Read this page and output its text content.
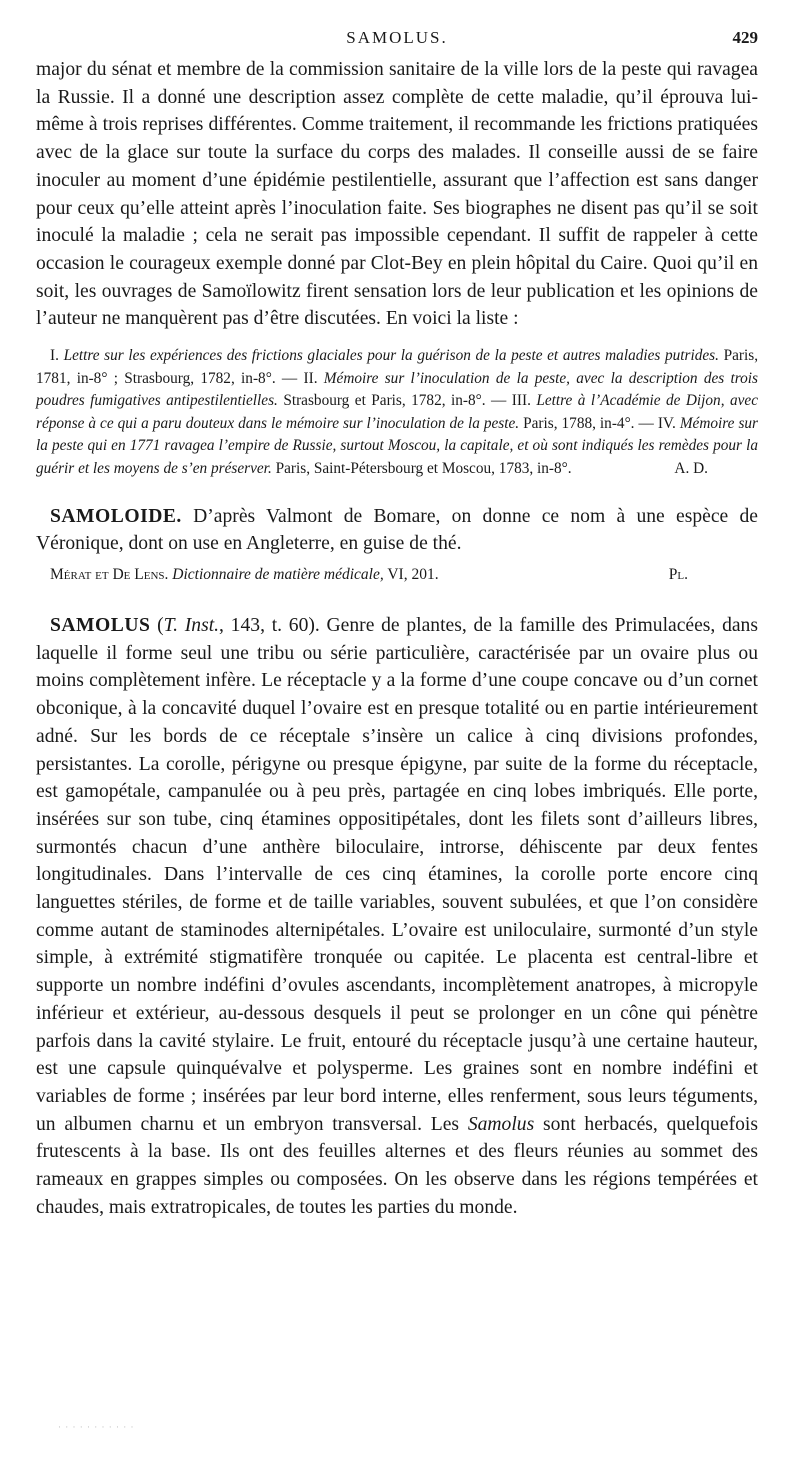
SAMOLUS.	429

major du sénat et membre de la commission sanitaire de la ville lors de la peste qui ravagea la Russie. Il a donné une description assez complète de cette maladie, qu’il éprouva lui-même à trois reprises différentes. Comme traitement, il recommande les frictions pratiquées avec de la glace sur toute la surface du corps des malades. Il conseille aussi de se faire inoculer au moment d’une épidémie pestilentielle, assurant que l’affection est sans danger pour ceux qu’elle atteint après l’inoculation faite. Ses biographes ne disent pas qu’il se soit inoculé la maladie ; cela ne serait pas impossible cependant. Il suffit de rappeler à cette occasion le courageux exemple donné par Clot-Bey en plein hôpital du Caire. Quoi qu’il en soit, les ouvrages de Samoïlowitz firent sensation lors de leur publication et les opinions de l’auteur ne manquèrent pas d’être discutées. En voici la liste :

I. Lettre sur les expériences des frictions glaciales pour la guérison de la peste et autres maladies putrides. Paris, 1781, in-8° ; Strasbourg, 1782, in-8°. — II. Mémoire sur l’inoculation de la peste, avec la description des trois poudres fumigatives antipestilentielles. Strasbourg et Paris, 1782, in-8°. — III. Lettre à l’Académie de Dijon, avec réponse à ce qui a paru douteux dans le mémoire sur l’inoculation de la peste. Paris, 1788, in-4°. — IV. Mémoire sur la peste qui en 1771 ravagea l’empire de Russie, surtout Moscou, la capitale, et où sont indiqués les remèdes pour la guérir et les moyens de s’en préserver. Paris, Saint-Pétersbourg et Moscou, 1783, in-8°.	A. D.

SAMOLOIDE. D’après Valmont de Bomare, on donne ce nom à une espèce de Véronique, dont on use en Angleterre, en guise de thé.

Mérat et De Lens. Dictionnaire de matière médicale, VI, 201.	Pl.

SAMOLUS (T. Inst., 143, t. 60). Genre de plantes, de la famille des Primulacées, dans laquelle il forme seul une tribu ou série particulière, caractérisée par un ovaire plus ou moins complètement infère. Le réceptacle y a la forme d’une coupe concave ou d’un cornet obconique, à la concavité duquel l’ovaire est en presque totalité ou en partie intérieurement adné. Sur les bords de ce réceptale s’insère un calice à cinq divisions profondes, persistantes. La corolle, périgyne ou presque épigyne, par suite de la forme du réceptacle, est gamopétale, campanulée ou à peu près, partagée en cinq lobes imbriqués. Elle porte, insérées sur son tube, cinq étamines oppositipétales, dont les filets sont d’ailleurs libres, surmontés chacun d’une anthère biloculaire, introrse, déhiscente par deux fentes longitudinales. Dans l’intervalle de ces cinq étamines, la corolle porte encore cinq languettes stériles, de forme et de taille variables, souvent subulées, et que l’on considère comme autant de staminodes alternipétales. L’ovaire est uniloculaire, surmonté d’un style simple, à extrémité stigmatifère tronquée ou capitée. Le placenta est central-libre et supporte un nombre indéfini d’ovules ascendants, incomplètement anatropes, à micropyle inférieur et extérieur, au-dessous desquels il peut se prolonger en un cône qui pénètre parfois dans la cavité stylaire. Le fruit, entouré du réceptacle jusqu’à une certaine hauteur, est une capsule quinquévalve et polysperme. Les graines sont en nombre indéfini et variables de forme ; insérées par leur bord interne, elles renferment, sous leurs téguments, un albumen charnu et un embryon transversal. Les Samolus sont herbacés, quelquefois frutescents à la base. Ils ont des feuilles alternes et des fleurs réunies au sommet des rameaux en grappes simples ou composées. On les observe dans les régions tempérées et chaudes, mais extratropicales, de toutes les parties du monde.

· · · · · · · · · · ·
